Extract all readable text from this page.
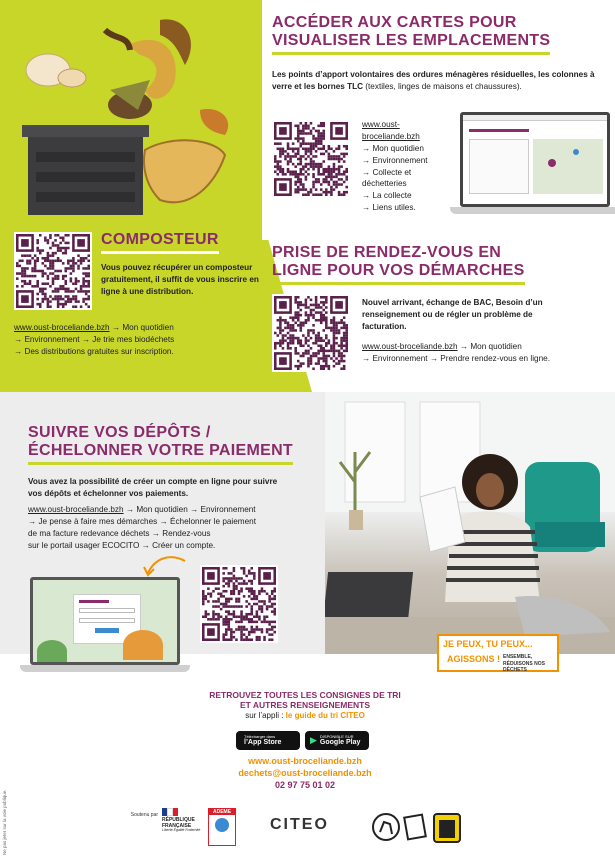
ACCÉDER AUX CARTES POUR
VISUALISER LES EMPLACEMENTS
Les points d’apport volontaires des ordures ménagères résiduelles, les colonnes à verre et les bornes TLC (textiles, linges de maisons et chaussures).
www.oust-
broceliande.bzh
→ Mon quotidien
→ Environnement
→ Collecte et déchetteries
→ La collecte
→ Liens utiles.
COMPOSTEUR
Vous pouvez récupérer un composteur gratuitement, il suffit de vous inscrire en ligne à une distribution.
www.oust-broceliande.bzh → Mon quotidien
→ Environnement → Je trie mes biodéchets
→ Des distributions gratuites sur inscription.
PRISE DE RENDEZ-VOUS EN
LIGNE POUR VOS DÉMARCHES
Nouvel arrivant, échange de BAC, Besoin d’un renseignement ou de régler un problème de facturation.
www.oust-broceliande.bzh → Mon quotidien
→ Environnement → Prendre rendez-vous en ligne.
SUIVRE VOS DÉPÔTS /
ÉCHELONNER VOTRE PAIEMENT
Vous avez la possibilité de créer un compte en ligne pour suivre vos dépôts et échelonner vos paiements.
www.oust-broceliande.bzh → Mon quotidien → Environnement
→ Je pense à faire mes démarches → Échelonner le paiement
de ma facture redevance déchets → Rendez-vous
sur le portail usager ECOCITO → Créer un compte.
JE PEUX, TU PEUX...
AGISSONS ! ENSEMBLE,
RÉDUISONS NOS DÉCHETS
Ne pas jeter sur la voie publique.
RETROUVEZ TOUTES LES CONSIGNES DE TRI
ET AUTRES RENSEIGNEMENTS
sur l’appli : le guide du tri CITEO
Télécharger dans
l’App Store	▶ DISPONIBLE SUR
Google Play
www.oust-broceliande.bzh
dechets@oust-broceliande.bzh
02 97 75 01 02
Soutenu par
RÉPUBLIQUE FRANÇAISE
Liberté Égalité Fraternité
ADEME
CITEO
